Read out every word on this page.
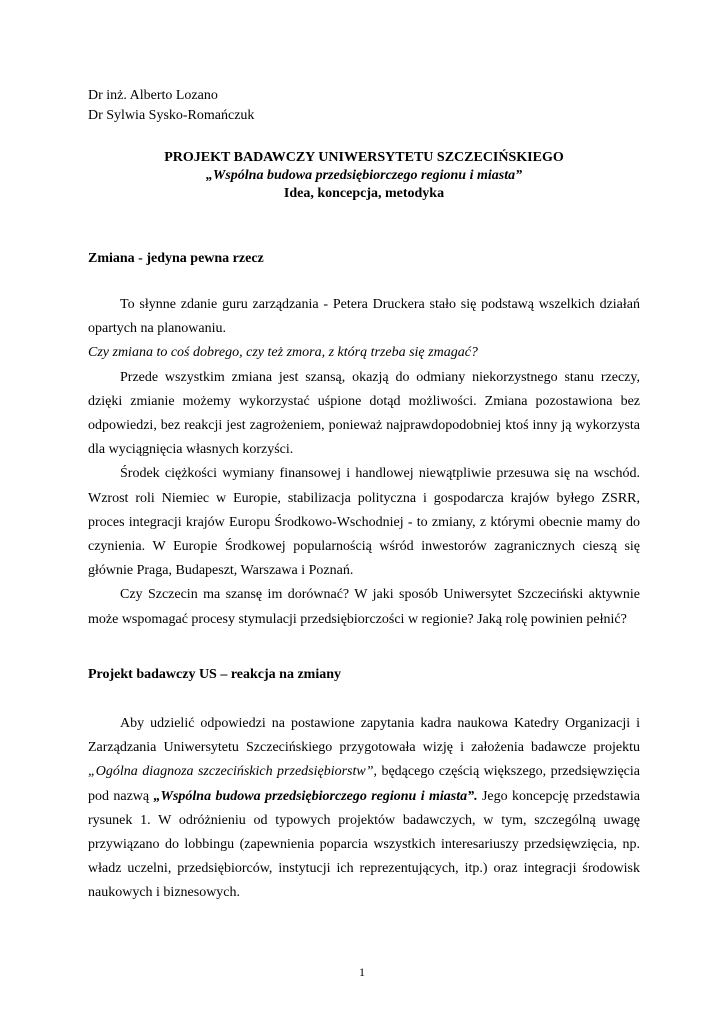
Dr inż. Alberto Lozano
Dr Sylwia Sysko-Romańczuk
PROJEKT BADAWCZY UNIWERSYTETU SZCZECIŃSKIEGO
„Wspólna budowa przedsiębiorczego regionu i miasta”
Idea, koncepcja, metodyka
Zmiana - jedyna pewna rzecz

To słynne zdanie guru zarządzania - Petera Druckera stało się podstawą wszelkich działań opartych na planowaniu.

Czy zmiana to coś dobrego, czy też zmora, z którą trzeba się zmagać?

Przede wszystkim zmiana jest szansą, okazją do odmiany niekorzystnego stanu rzeczy, dzięki zmianie możemy wykorzystać uśpione dotąd możliwości. Zmiana pozostawiona bez odpowiedzi, bez reakcji jest zagrożeniem, ponieważ najprawdopodobniej ktoś inny ją wykorzysta dla wyciągnięcia własnych korzyści.

Środek ciężkości wymiany finansowej i handlowej niewątpliwie przesuwa się na wschód. Wzrost roli Niemiec w Europie, stabilizacja polityczna i gospodarcza krajów byłego ZSRR, proces integracji krajów Europu Środkowo-Wschodniej - to zmiany, z którymi obecnie mamy do czynienia. W Europie Środkowej popularnością wśród inwestorów zagranicznych cieszą się głównie Praga, Budapeszt, Warszawa i Poznań.

Czy Szczecin ma szansę im dorównać? W jaki sposób Uniwersytet Szczeciński aktywnie może wspomagać procesy stymulacji przedsiębiorczości w regionie? Jaką rolę powinien pełnić?

Projekt badawczy US – reakcja na zmiany

Aby udzielić odpowiedzi na postawione zapytania kadra naukowa Katedry Organizacji i Zarządzania Uniwersytetu Szczecińskiego przygotowała wizję i założenia badawcze projektu „Ogólna diagnoza szczecińskich przedsiębiorstw”, będącego częścią większego, przedsięwzięcia pod nazwą „Wspólna budowa przedsiębiorczego regionu i miasta”. Jego koncepcję przedstawia rysunek 1. W odróżnieniu od typowych projektów badawczych, w tym, szczególną uwagę przywiązano do lobbingu (zapewnienia poparcia wszystkich interesariuszy przedsięwzięcia, np. władz uczelni, przedsiębiorców, instytucji ich reprezentujących, itp.) oraz integracji środowisk naukowych i biznesowych.

1
